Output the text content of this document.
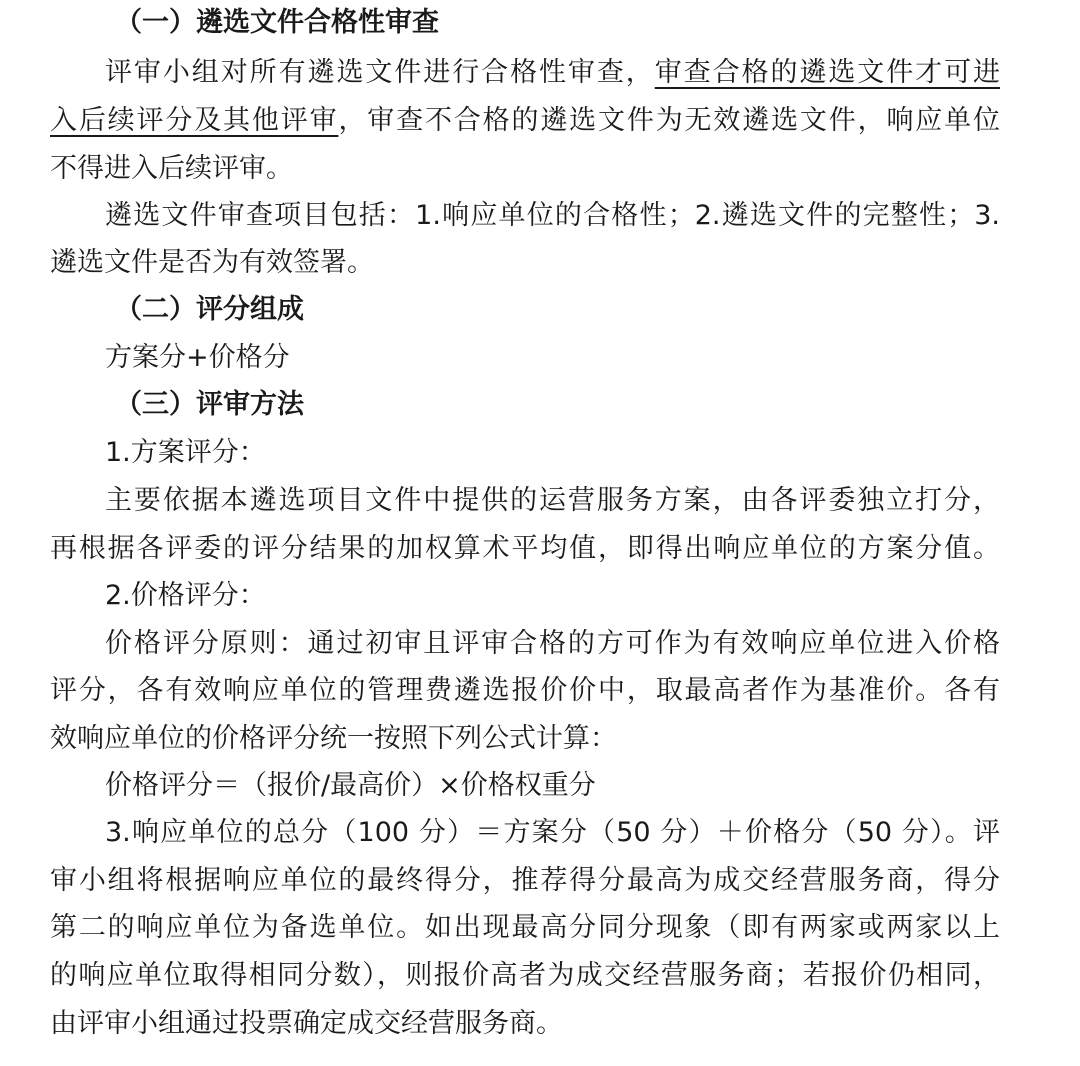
（一）遴选文件合格性审查
评审小组对所有遴选文件进行合格性审查，审查合格的遴选文件才可进
入后续评分及其他评审，审查不合格的遴选文件为无效遴选文件，响应单位
不得进入后续评审。
遴选文件审查项目包括：1.响应单位的合格性；2.遴选文件的完整性；3.
遴选文件是否为有效签署。
（二）评分组成
方案分+价格分
（三）评审方法
1.方案评分：
主要依据本遴选项目文件中提供的运营服务方案，由各评委独立打分，
再根据各评委的评分结果的加权算术平均值，即得出响应单位的方案分值。
2.价格评分：
价格评分原则：通过初审且评审合格的方可作为有效响应单位进入价格
评分，各有效响应单位的管理费遴选报价价中，取最高者作为基准价。各有
效响应单位的价格评分统一按照下列公式计算：
价格评分＝（报价/最高价）×价格权重分
3.响应单位的总分（100 分）＝方案分（50 分）＋价格分（50 分）。评
审小组将根据响应单位的最终得分，推荐得分最高为成交经营服务商，得分
第二的响应单位为备选单位。如出现最高分同分现象（即有两家或两家以上
的响应单位取得相同分数），则报价高者为成交经营服务商；若报价仍相同，
由评审小组通过投票确定成交经营服务商。
